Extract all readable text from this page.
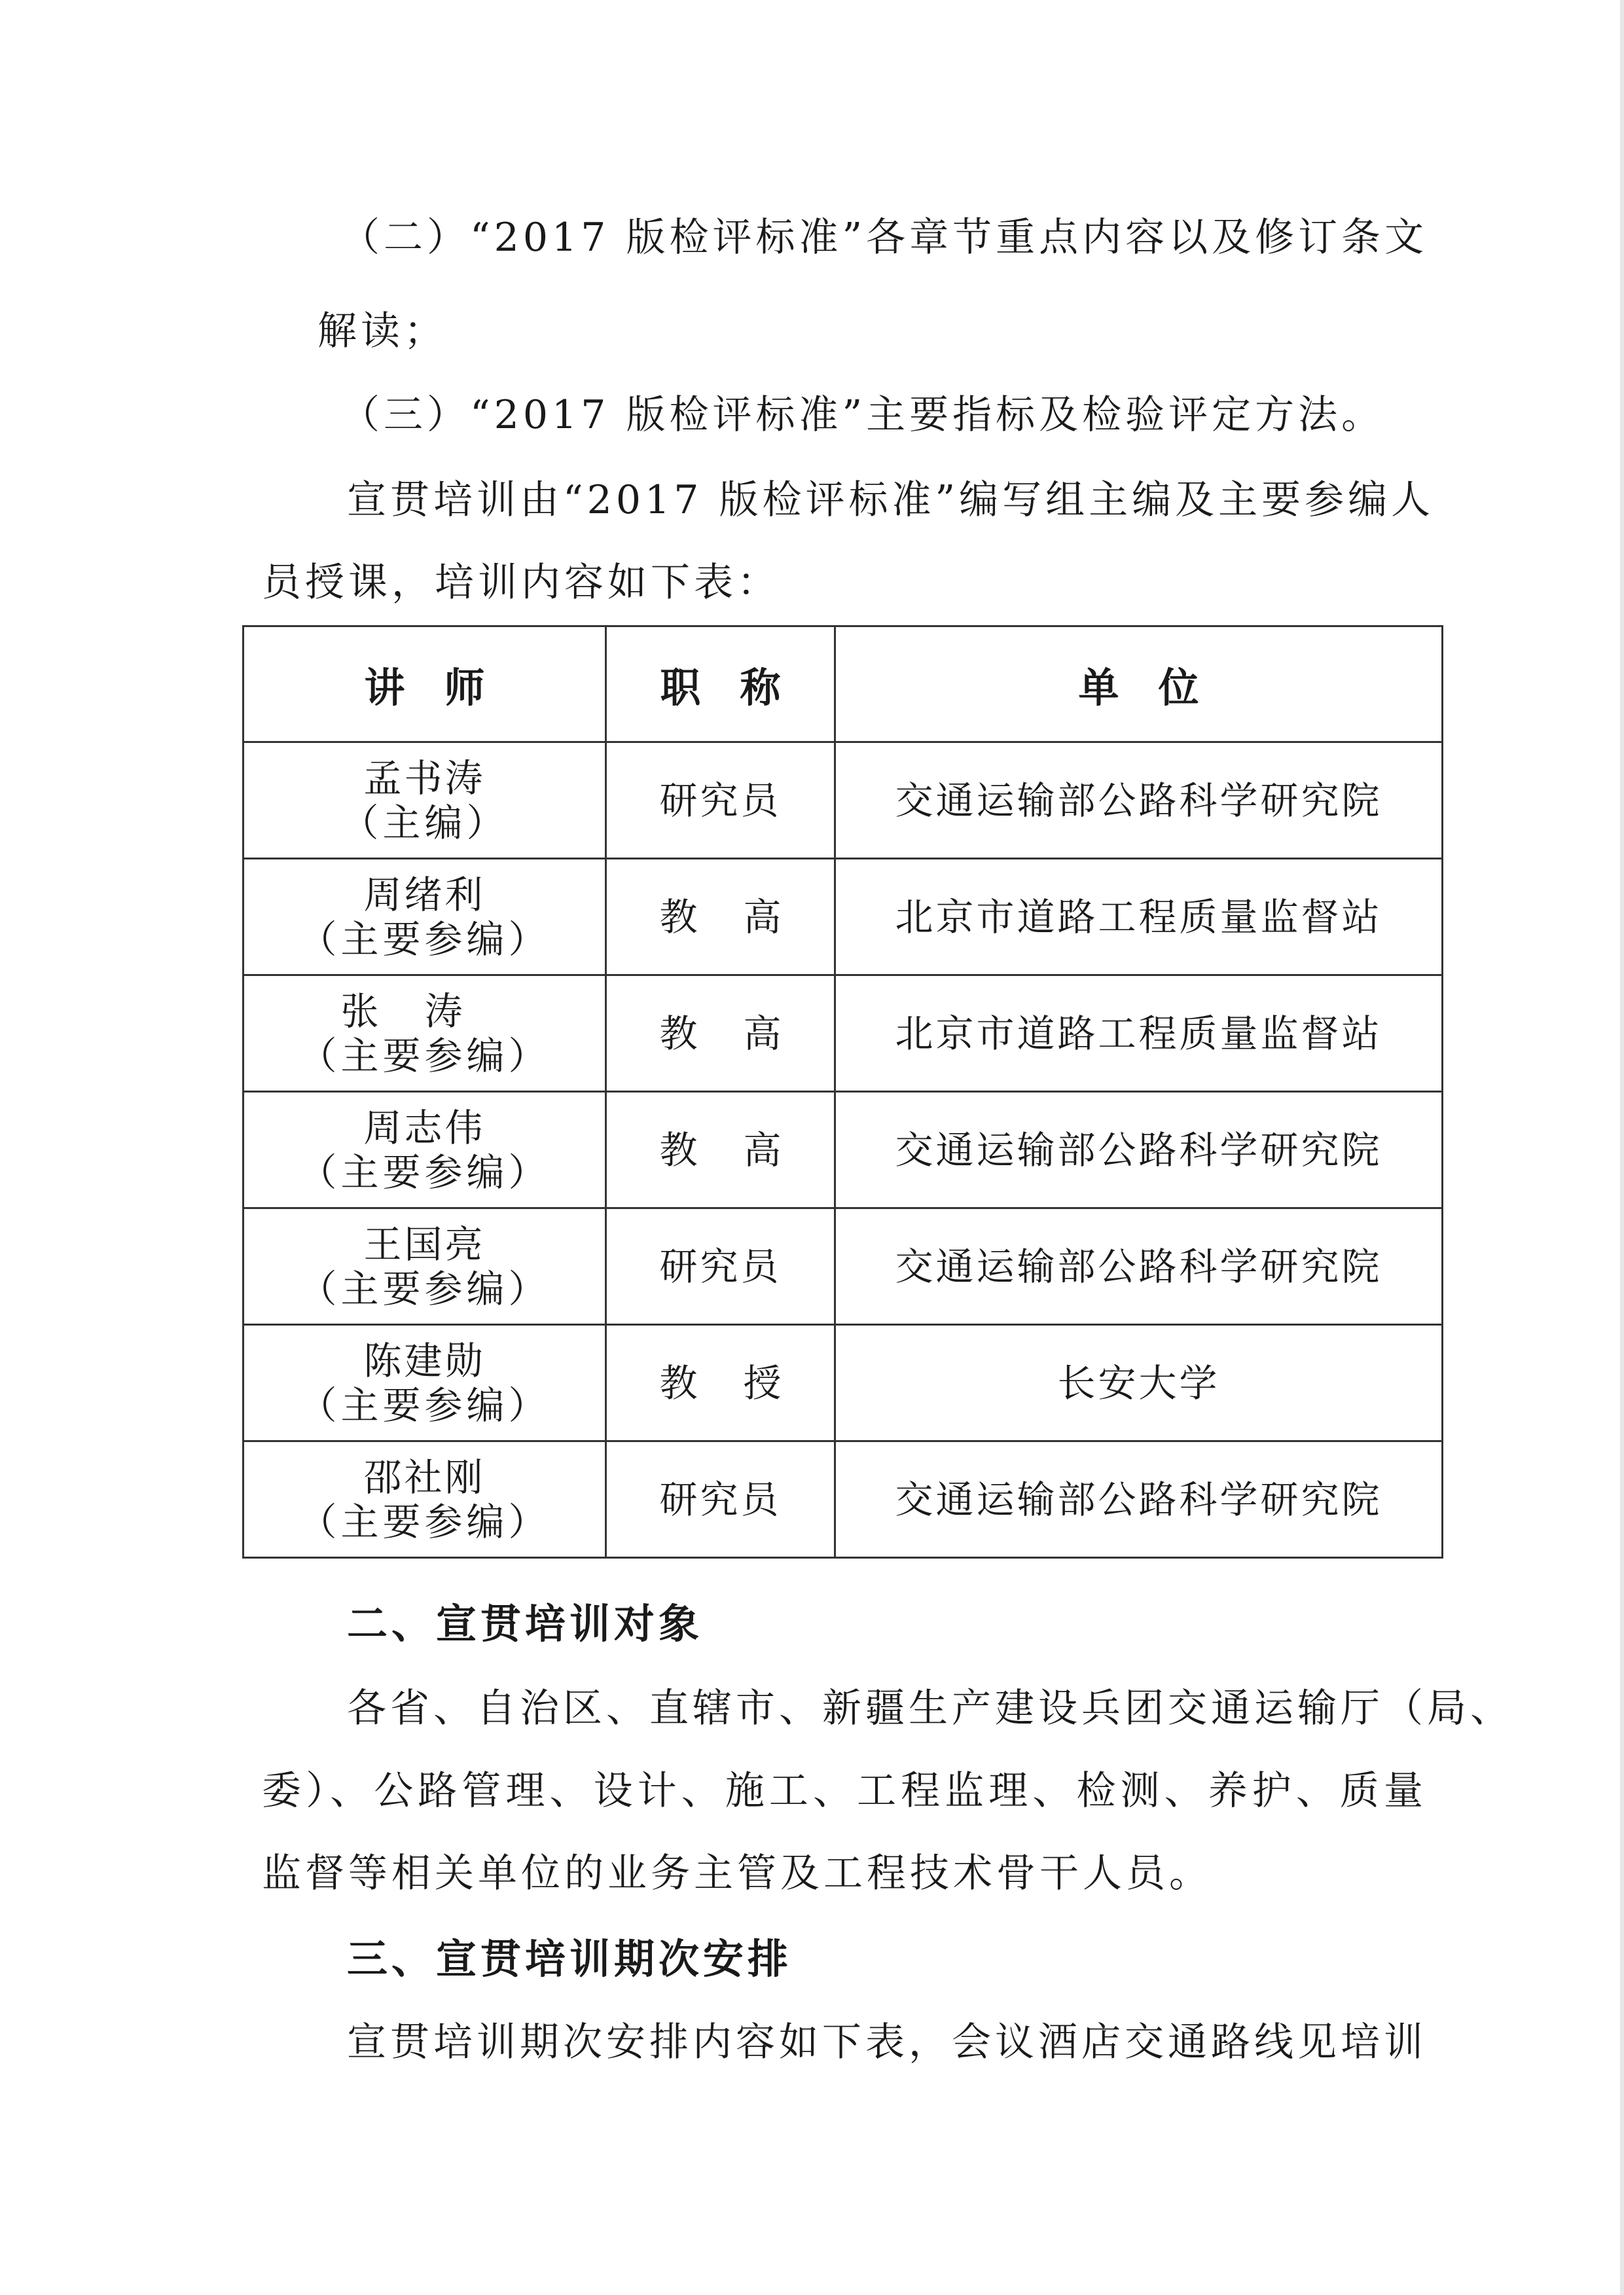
（二）“2017 版检评标准”各章节重点内容以及修订条文
解读；
（三）“2017 版检评标准”主要指标及检验评定方法。
宣贯培训由“2017 版检评标准”编写组主编及主要参编人
员授课，培训内容如下表：
讲师	职称	单位
孟书涛

（主编）	研究员	交通运输部公路科学研究院
周绪利

（主要参编）	教高	北京市道路工程质量监督站
张涛

（主要参编）	教高	北京市道路工程质量监督站
周志伟

（主要参编）	教高	交通运输部公路科学研究院
王国亮

（主要参编）	研究员	交通运输部公路科学研究院
陈建勋

（主要参编）	教授	长安大学
邵社刚

（主要参编）	研究员	交通运输部公路科学研究院
二、宣贯培训对象
各省、自治区、直辖市、新疆生产建设兵团交通运输厅（局、
委）、公路管理、设计、施工、工程监理、检测、养护、质量
监督等相关单位的业务主管及工程技术骨干人员。
三、宣贯培训期次安排
宣贯培训期次安排内容如下表，会议酒店交通路线见培训
